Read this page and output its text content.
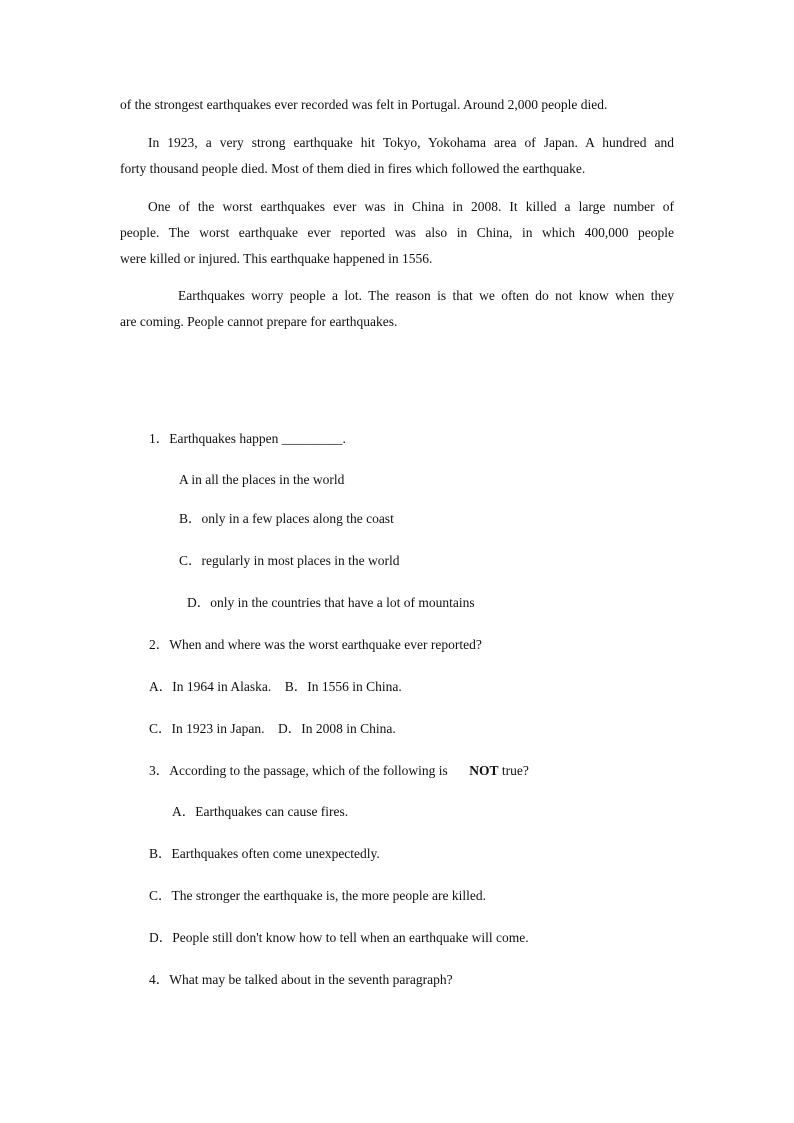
of the strongest earthquakes ever recorded was felt in Portugal. Around 2,000 people died.
In 1923, a very strong earthquake hit Tokyo, Yokohama area of Japan. A hundred and
forty thousand people died. Most of them died in fires which followed the earthquake.
One of the worst earthquakes ever was in China in 2008. It killed a large number of
people. The worst earthquake ever reported was also in China, in which 400,000 people
were killed or injured. This earthquake happened in 1556.
Earthquakes worry people a lot. The reason is that we often do not know when they
are coming. People cannot prepare for earthquakes.
1．Earthquakes happen _________.
A in all the places in the world
B．only in a few places along the coast
C．regularly in most places in the world
D．only in the countries that have a lot of mountains
2．When and where was the worst earthquake ever reported?
A．In 1964 in Alaska.    B．In 1556 in China.
C．In 1923 in Japan.    D．In 2008 in China.
3．According to the passage, which of the following is NOT true?
A．Earthquakes can cause fires.
B．Earthquakes often come unexpectedly.
C．The stronger the earthquake is, the more people are killed.
D．People still don't know how to tell when an earthquake will come.
4．What may be talked about in the seventh paragraph?
